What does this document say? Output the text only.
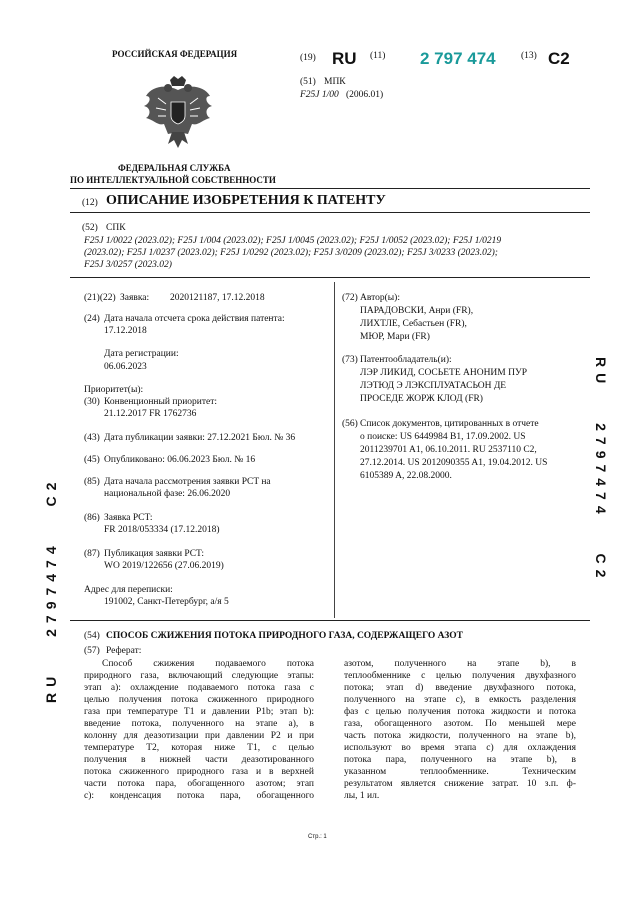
РОССИЙСКАЯ ФЕДЕРАЦИЯ
ФЕДЕРАЛЬНАЯ СЛУЖБА
ПО ИНТЕЛЛЕКТУАЛЬНОЙ СОБСТВЕННОСТИ
(19) RU (11) 2 797 474	(13) C2
(51) МПК
F25J 1/00 (2006.01)
(12) ОПИСАНИЕ ИЗОБРЕТЕНИЯ К ПАТЕНТУ
(52) СПК
F25J 1/0022 (2023.02); F25J 1/004 (2023.02); F25J 1/0045 (2023.02); F25J 1/0052 (2023.02); F25J 1/0219
(2023.02); F25J 1/0237 (2023.02); F25J 1/0292 (2023.02); F25J 3/0209 (2023.02); F25J 3/0233 (2023.02);
F25J 3/0257 (2023.02)
(21)(22) Заявка: 2020121187, 17.12.2018
(24) Дата начала отсчета срока действия патента:
17.12.2018
Дата регистрации:
06.06.2023
Приоритет(ы):
(30) Конвенционный приоритет:
21.12.2017 FR 1762736
(43) Дата публикации заявки: 27.12.2021 Бюл. № 36
(45) Опубликовано: 06.06.2023 Бюл. № 16
(85) Дата начала рассмотрения заявки PCT на
национальной фазе: 26.06.2020
(86) Заявка PCT:
FR 2018/053334 (17.12.2018)
(87) Публикация заявки PCT:
WO 2019/122656 (27.06.2019)
Адрес для переписки:
191002, Санкт-Петербург, а/я 5
(72) Автор(ы):
ПАРАДОВСКИ, Анри (FR),
ЛИХТЛЕ, Себастьен (FR),
МЮР, Мари (FR)
(73) Патентообладатель(и):
ЛЭР ЛИКИД, СОСЬЕТЕ АНОНИМ ПУР
ЛЭТЮД Э ЛЭКСПЛУАТАСЬОН ДЕ
ПРОСЕДЕ ЖОРЖ КЛОД (FR)
(56) Список документов, цитированных в отчете
о поиске: US 6449984 B1, 17.09.2002. US
2011239701 A1, 06.10.2011. RU 2537110 C2,
27.12.2014. US 2012090355 A1, 19.04.2012. US
6105389 A, 22.08.2000.
(54) СПОСОБ СЖИЖЕНИЯ ПОТОКА ПРИРОДНОГО ГАЗА, СОДЕРЖАЩЕГО АЗОТ
(57) Реферат:
Способ сжижения подаваемого потока
природного газа, включающий следующие этапы:
этап a): охлаждение подаваемого потока газа с
целью получения потока сжиженного природного
газа при температуре T1 и давлении P1b; этап b):
введение потока, полученного на этапе a), в
колонну для деазотизации при давлении P2 и при
температуре T2, которая ниже T1, с целью
получения в нижней части деазотированного
потока сжиженного природного газа и в верхней
части потока пара, обогащенного азотом; этап
c): конденсация потока пара, обогащенного
азотом, полученного на этапе b), в
теплообменнике с целью получения двухфазного
потока; этап d) введение двухфазного потока,
полученного на этапе c), в емкость разделения
фаз с целью получения потока жидкости и потока
газа, обогащенного азотом. По меньшей мере
часть потока жидкости, полученного на этапе b),
используют во время этапа c) для охлаждения
потока пара, полученного на этапе b), в
указанном теплообменнике. Техническим
результатом является снижение затрат. 10 з.п. ф-
лы, 1 ил.
RU 2797474 C2
RU 2797474 C2
Стр.: 1
